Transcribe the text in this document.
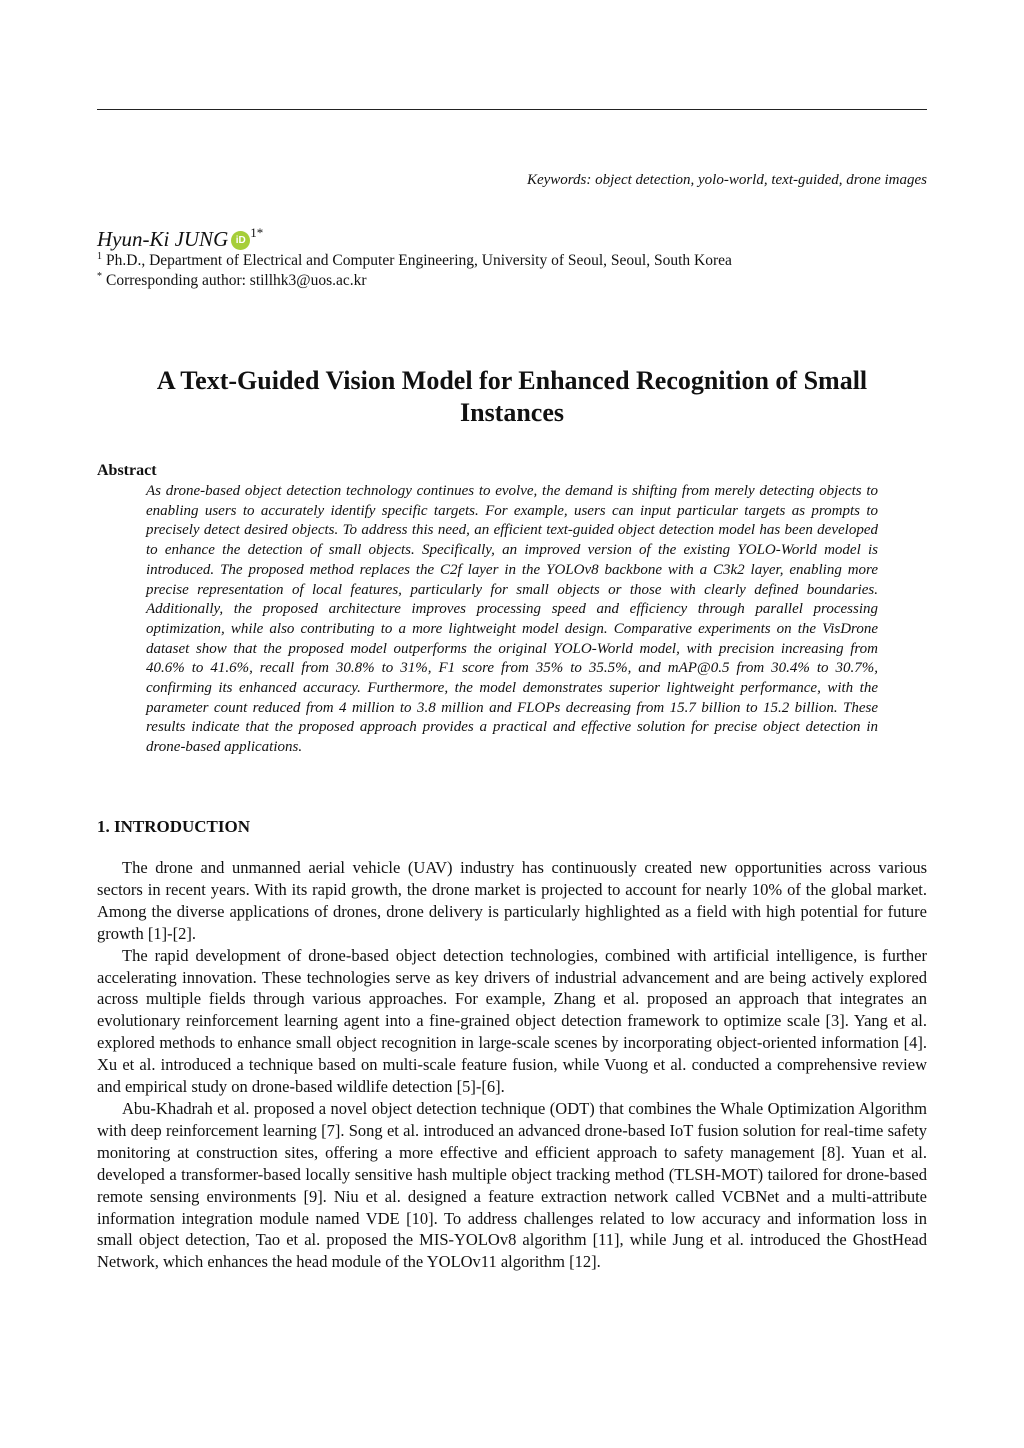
Keywords: object detection, yolo-world, text-guided, drone images
Hyun-Ki JUNG $iD^{1*}$
$^1$ Ph.D., Department of Electrical and Computer Engineering, University of Seoul, Seoul, South Korea
* Corresponding author: stillhk3@uos.ac.kr
A Text-Guided Vision Model for Enhanced Recognition of Small
Instances
Abstract

As drone-based object detection technology continues to evolve, the demand is shifting from merely detecting objects to enabling users to accurately identify specific targets. For example, users can input particular targets as prompts to precisely detect desired objects. To address this need, an efficient text-guided object detection model has been developed to enhance the detection of small objects. Specifically, an improved version of the existing YOLO-World model is introduced. The proposed method replaces the C2f layer in the YOLOv8 backbone with a C3k2 layer, enabling more precise representation of local features, particularly for small objects or those with clearly defined boundaries. Additionally, the proposed architecture improves processing speed and efficiency through parallel processing optimization, while also contributing to a more lightweight model design. Comparative experiments on the VisDrone dataset show that the proposed model outperforms the original YOLO-World model, with precision increasing from 40.6% to 41.6%, recall from 30.8% to 31%, F1 score from 35% to 35.5%, and mAP@0.5 from 30.4% to 30.7%, confirming its enhanced accuracy. Furthermore, the model demonstrates superior lightweight performance, with the parameter count reduced from 4 million to 3.8 million and FLOPs decreasing from 15.7 billion to 15.2 billion. These results indicate that the proposed approach provides a practical and effective solution for precise object detection in drone-based applications.

1. INTRODUCTION

The drone and unmanned aerial vehicle (UAV) industry has continuously created new opportunities across various sectors in recent years. With its rapid growth, the drone market is projected to account for nearly 10% of the global market. Among the diverse applications of drones, drone delivery is particularly highlighted as a field with high potential for future growth [1]-[2].

The rapid development of drone-based object detection technologies, combined with artificial intelligence, is further accelerating innovation. These technologies serve as key drivers of industrial advancement and are being actively explored across multiple fields through various approaches. For example, Zhang et al. proposed an approach that integrates an evolutionary reinforcement learning agent into a fine-grained object detection framework to optimize scale [3]. Yang et al. explored methods to enhance small object recognition in large-scale scenes by incorporating object-oriented information [4]. Xu et al. introduced a technique based on multi-scale feature fusion, while Vuong et al. conducted a comprehensive review and empirical study on drone-based wildlife detection [5]-[6].

Abu-Khadrah et al. proposed a novel object detection technique (ODT) that combines the Whale Optimization Algorithm with deep reinforcement learning [7]. Song et al. introduced an advanced drone-based IoT fusion solution for real-time safety monitoring at construction sites, offering a more effective and efficient approach to safety management [8]. Yuan et al. developed a transformer-based locally sensitive hash multiple object tracking method (TLSH-MOT) tailored for drone-based remote sensing environments [9]. Niu et al. designed a feature extraction network called VCBNet and a multi-attribute information integration module named VDE [10]. To address challenges related to low accuracy and information loss in small object detection, Tao et al. proposed the MIS-YOLOv8 algorithm [11], while Jung et al. introduced the GhostHead Network, which enhances the head module of the YOLOv11 algorithm [12].
